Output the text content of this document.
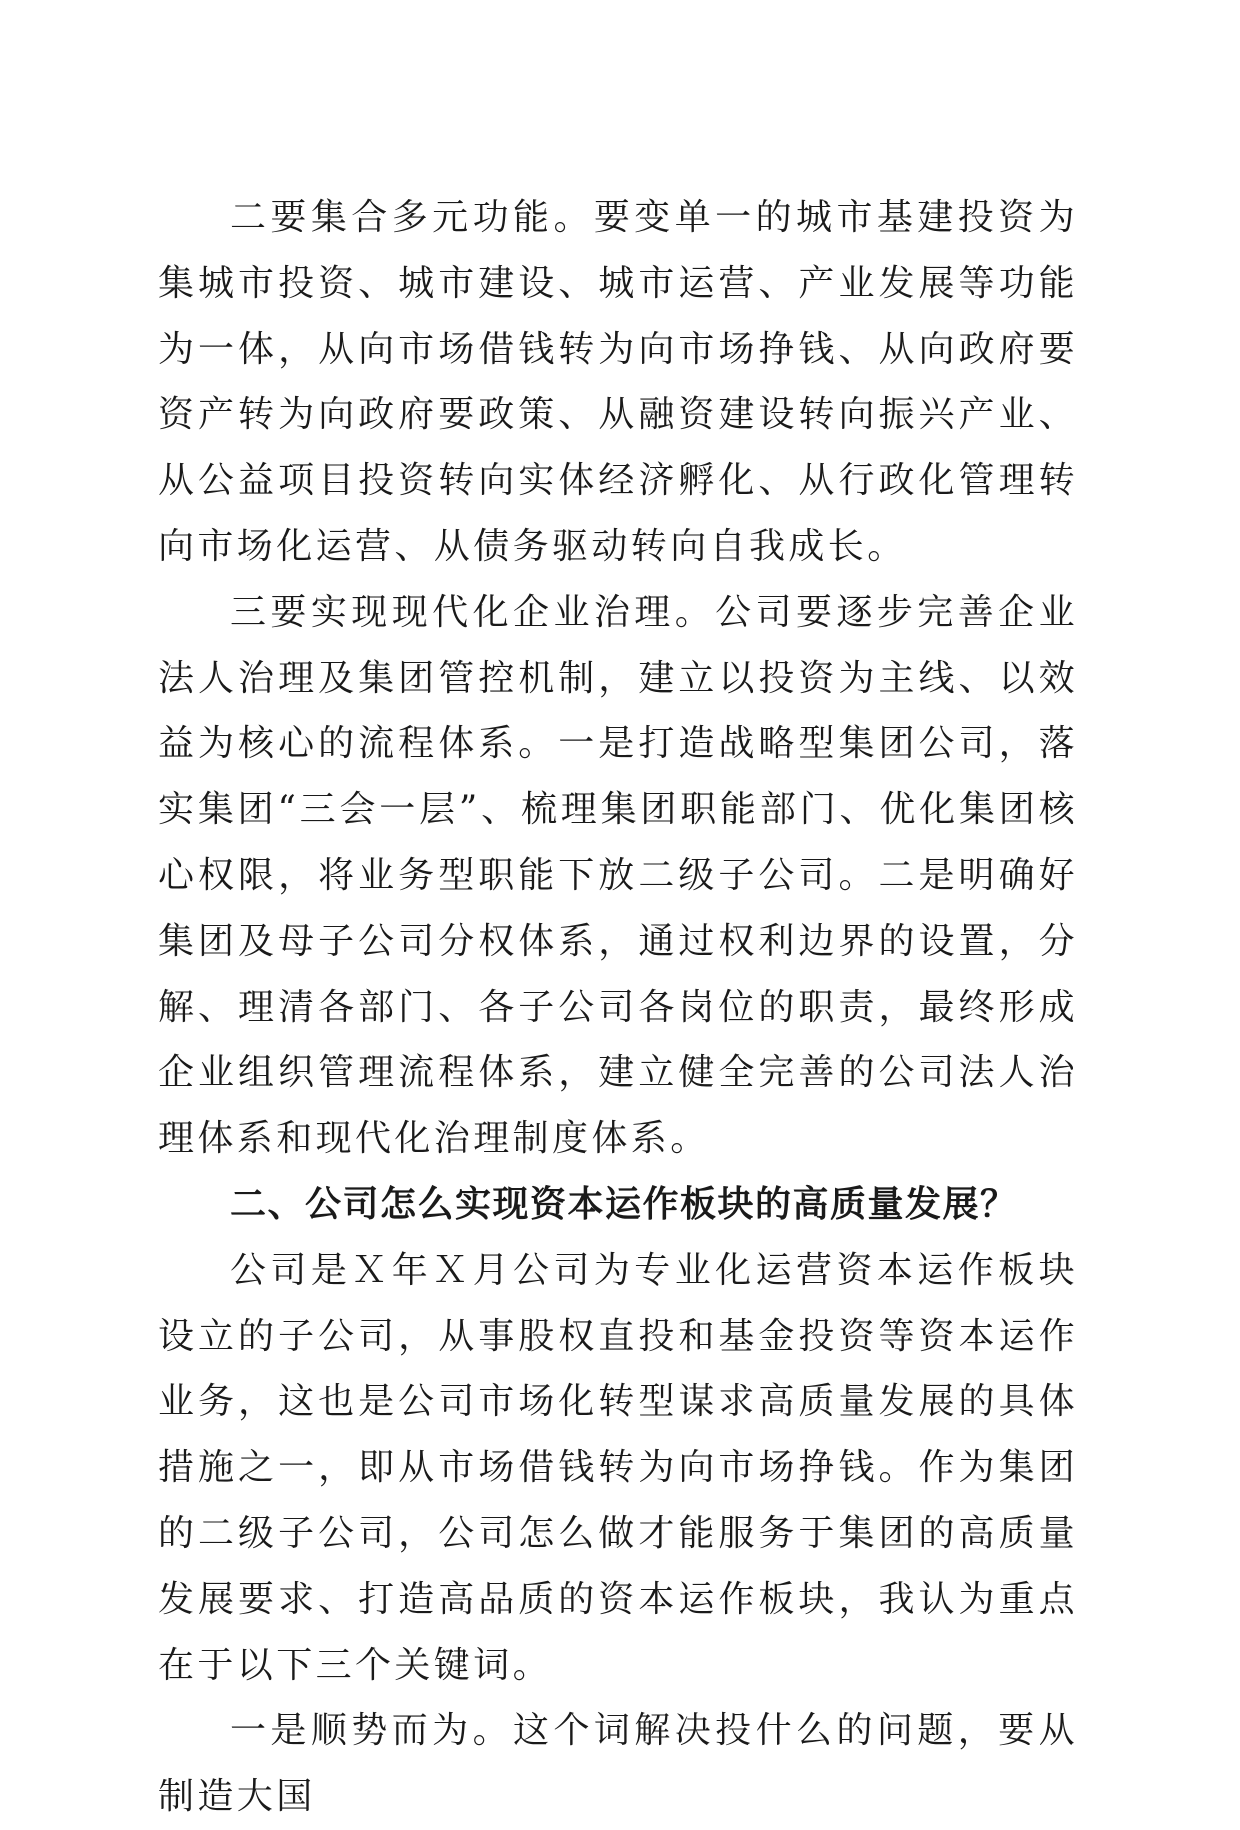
二要集合多元功能。要变单一的城市基建投资为集城市投资、城市建设、城市运营、产业发展等功能为一体，从向市场借钱转为向市场挣钱、从向政府要资产转为向政府要政策、从融资建设转向振兴产业、从公益项目投资转向实体经济孵化、从行政化管理转向市场化运营、从债务驱动转向自我成长。

三要实现现代化企业治理。公司要逐步完善企业法人治理及集团管控机制，建立以投资为主线、以效益为核心的流程体系。一是打造战略型集团公司，落实集团“三会一层”、梳理集团职能部门、优化集团核心权限，将业务型职能下放二级子公司。二是明确好集团及母子公司分权体系，通过权利边界的设置，分解、理清各部门、各子公司各岗位的职责，最终形成企业组织管理流程体系，建立健全完善的公司法人治理体系和现代化治理制度体系。

二、公司怎么实现资本运作板块的高质量发展？

公司是Ｘ年Ｘ月公司为专业化运营资本运作板块设立的子公司，从事股权直投和基金投资等资本运作业务，这也是公司市场化转型谋求高质量发展的具体措施之一，即从市场借钱转为向市场挣钱。作为集团的二级子公司，公司怎么做才能服务于集团的高质量发展要求、打造高品质的资本运作板块，我认为重点在于以下三个关键词。

一是顺势而为。这个词解决投什么的问题，要从制造大国
